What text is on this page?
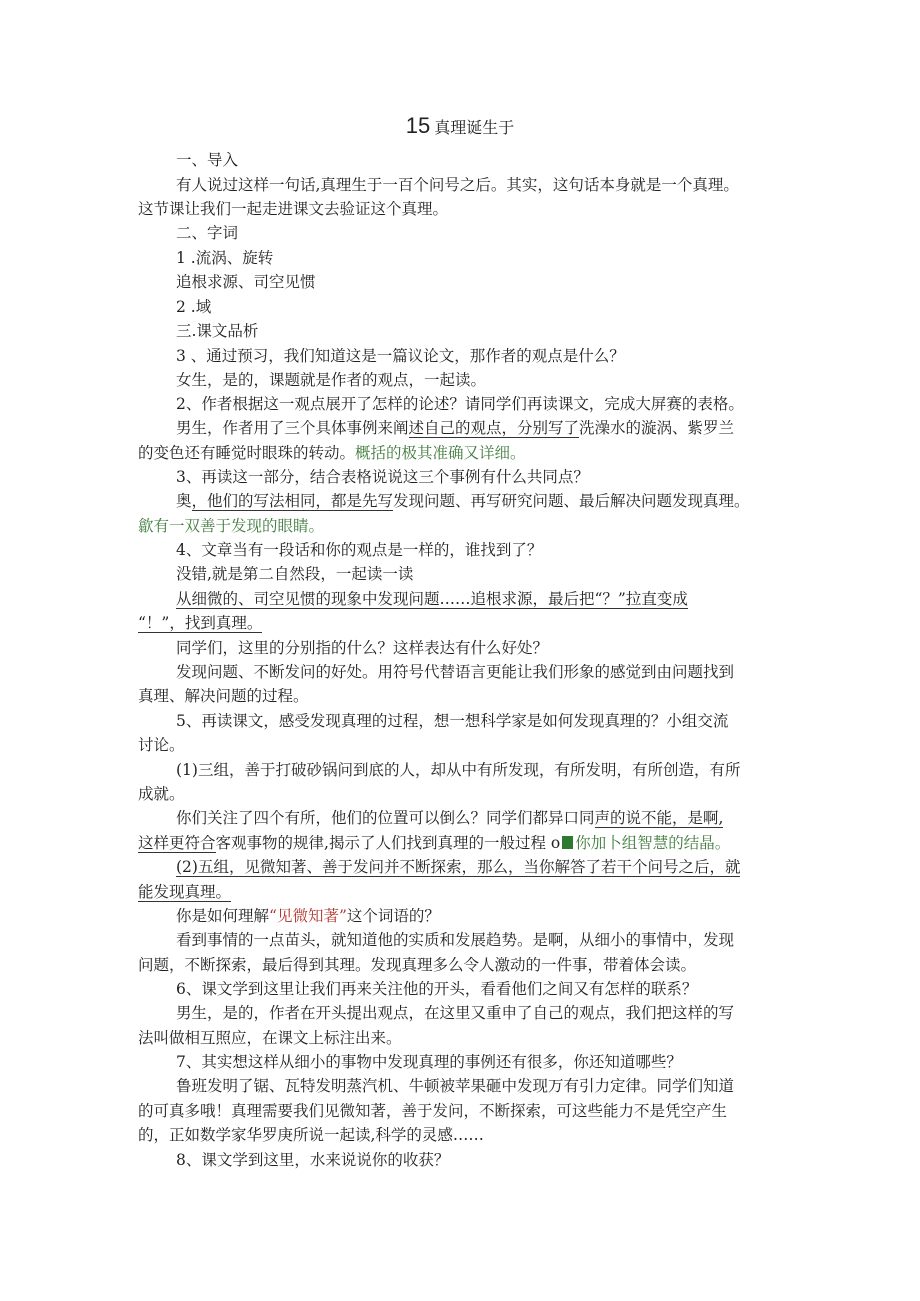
15 真理诞生于
一、导入
有人说过这样一句话,真理生于一百个问号之后。其实，这句话本身就是一个真理。
这节课让我们一起走进课文去验证这个真理。
二、字词
1 .流涡、旋转
追根求源、司空见惯
2 .域
三.课文品析
3 、通过预习，我们知道这是一篇议论文，那作者的观点是什么？
女生，是的，课题就是作者的观点，一起读。
2、作者根据这一观点展开了怎样的论述？请同学们再读课文，完成大屏赛的表格。
男生，作者用了三个具体事例来阐述自己的观点，分别写了洗澡水的漩涡、紫罗兰
的变色还有睡觉时眼珠的转动。概括的极其准确又详细。
3、再读这一部分，结合表格说说这三个事例有什么共同点？
奥，他们的写法相同，都是先写发现问题、再写研究问题、最后解决问题发现真理。
歙有一双善于发现的眼睛。
4、文章当有一段话和你的观点是一样的，谁找到了？
没错,就是第二自然段，一起读一读
从细微的、司空见惯的现象中发现问题……追根求源，最后把“？”拉直变成
“！”，找到真理。
同学们，这里的分别指的什么？这样表达有什么好处？
发现问题、不断发问的好处。用符号代替语言更能让我们形象的感觉到由问题找到
真理、解决问题的过程。
5、再读课文，感受发现真理的过程，想一想科学家是如何发现真理的？小组交流
讨论。
(1)三组，善于打破砂锅问到底的人，却从中有所发现，有所发明，有所创造，有所
成就。
你们关注了四个有所，他们的位置可以倒么？同学们都异口同声的说不能，是啊,
这样更符合客观事物的规律,揭示了人们找到真理的一般过程 o 你加卜组智慧的结晶。
(2)五组，见微知著、善于发问并不断探索，那么，当你解答了若干个问号之后，就
能发现真理。
你是如何理解“见微知著”这个词语的？
看到事情的一点苗头，就知道他的实质和发展趋势。是啊，从细小的事情中，发现
问题，不断探索，最后得到其理。发现真理多么令人激动的一件事，带着体会读。
6、课文学到这里让我们再来关注他的开头，看看他们之间又有怎样的联系？
男生，是的，作者在开头提出观点，在这里又重申了自己的观点，我们把这样的写
法叫做相互照应，在课文上标注出来。
7、其实想这样从细小的事物中发现真理的事例还有很多，你还知道哪些？
鲁班发明了锯、瓦特发明蒸汽机、牛顿被苹果砸中发现万有引力定律。同学们知道
的可真多哦！真理需要我们见微知著，善于发问，不断探索，可这些能力不是凭空产生
的，正如数学家华罗庚所说一起读,科学的灵感……
8、课文学到这里，水来说说你的收获？
